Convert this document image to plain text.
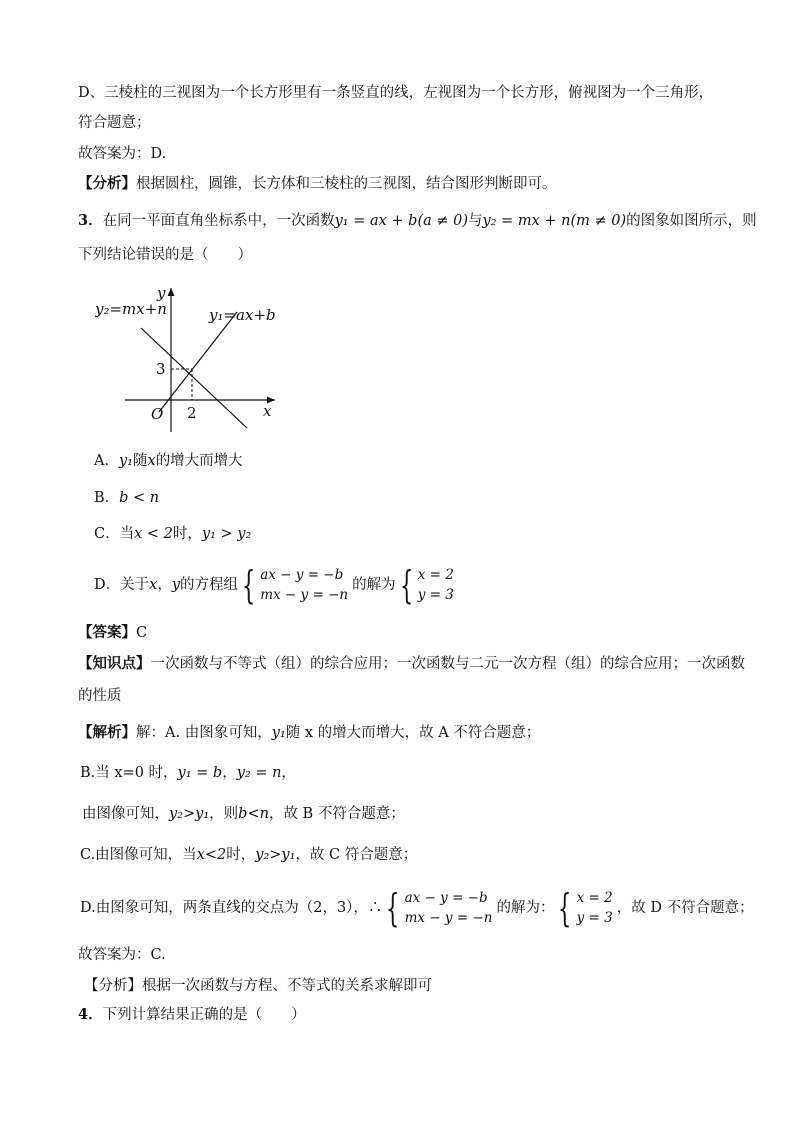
D、三棱柱的三视图为一个长方形里有一条竖直的线，左视图为一个长方形，俯视图为一个三角形，
符合题意；
故答案为：D.
【分析】根据圆柱，圆锥，长方体和三棱柱的三视图，结合图形判断即可。
3．在同一平面直角坐标系中，一次函数y₁ = ax + b(a ≠ 0)与y₂ = mx + n(m ≠ 0)的图象如图所示，则
下列结论错误的是（　　）
y₂=mx+n	y₁=ax+b
y
x
O
3
2
A．y₁随x的增大而增大
B．b < n
C．当x < 2时，y₁ > y₂
D．关于x，y的方程组 { ax − y = −b
mx − y = −n
的解为 { x = 2
y = 3
【答案】C
【知识点】一次函数与不等式（组）的综合应用；一次函数与二元一次方程（组）的综合应用；一次函数
的性质
【解析】解：A. 由图象可知，y₁随 x 的增大而增大，故 A 不符合题意；
B.当 x=0 时，y₁ = b，y₂ = n，
由图像可知，y₂>y₁，则b<n，故 B 不符合题意；
C.由图像可知，当x<2时，y₂>y₁，故 C 符合题意；
D.由图象可知，两条直线的交点为（2，3），∴ { ax − y = −b
mx − y = −n
的解为： { x = 2
y = 3
，故 D 不符合题意；
故答案为：C.
【分析】根据一次函数与方程、不等式的关系求解即可
4．下列计算结果正确的是（　　）
